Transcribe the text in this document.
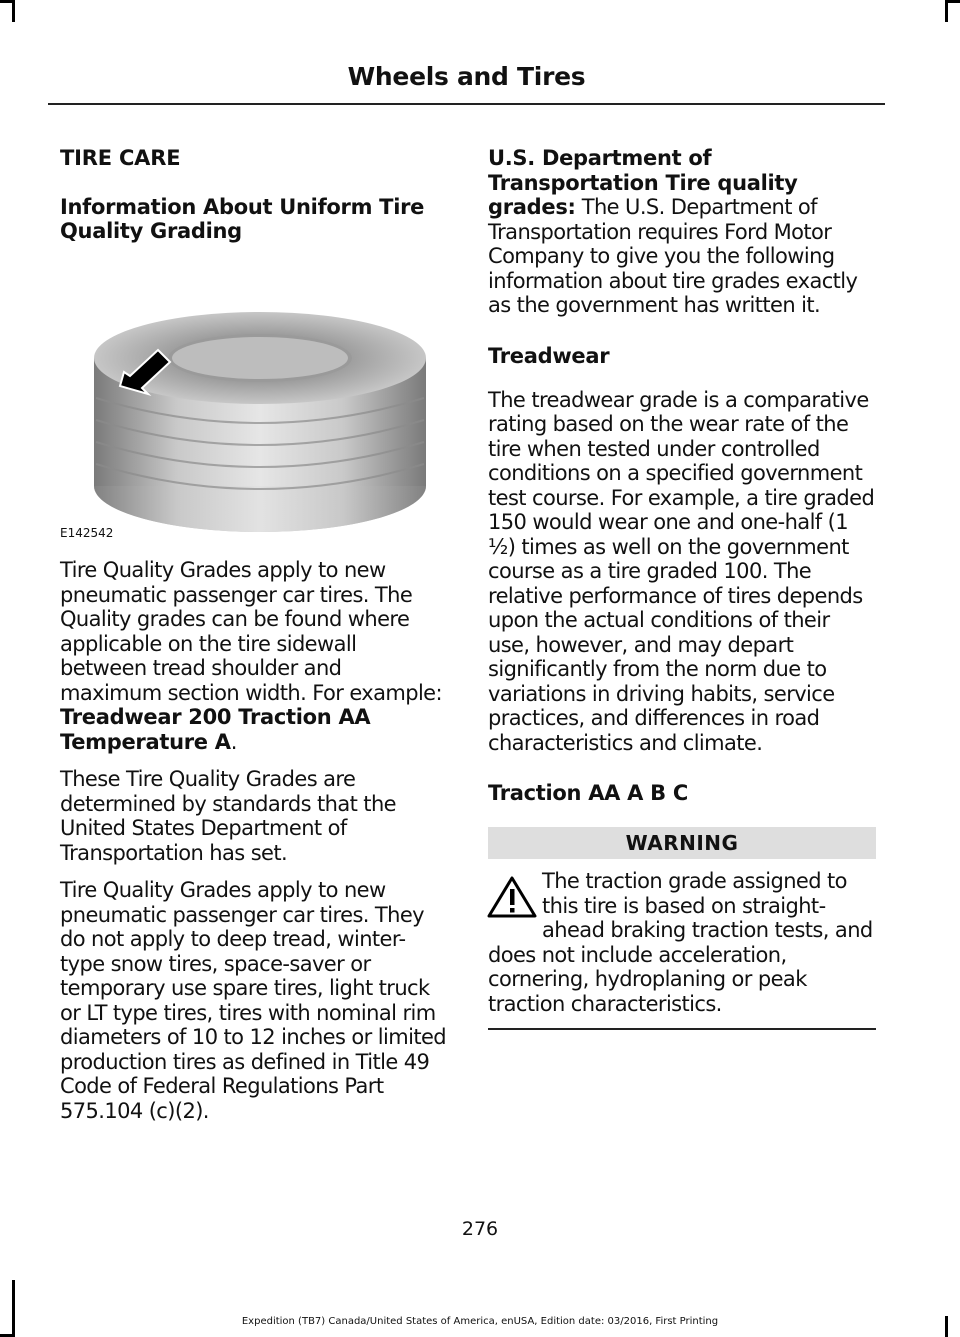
Wheels and Tires
TIRE CARE
Information About Uniform Tire Quality Grading
E142542

Tire Quality Grades apply to new pneumatic passenger car tires. The Quality grades can be found where applicable on the tire sidewall between tread shoulder and maximum section width. For example: Treadwear 200 Traction AA Temperature A.

These Tire Quality Grades are determined by standards that the United States Department of Transportation has set.

Tire Quality Grades apply to new pneumatic passenger car tires. They do not apply to deep tread, winter-type snow tires, space-saver or temporary use spare tires, light truck or LT type tires, tires with nominal rim diameters of 10 to 12 inches or limited production tires as defined in Title 49 Code of Federal Regulations Part 575.104 (c)(2).

U.S. Department of Transportation Tire quality grades: The U.S. Department of Transportation requires Ford Motor Company to give you the following information about tire grades exactly as the government has written it.

Treadwear

The treadwear grade is a comparative rating based on the wear rate of the tire when tested under controlled conditions on a specified government test course. For example, a tire graded 150 would wear one and one-half (1 ½) times as well on the government course as a tire graded 100. The relative performance of tires depends upon the actual conditions of their use, however, and may depart significantly from the norm due to variations in driving habits, service practices, and differences in road characteristics and climate.

Traction AA A B C
WARNING
The traction grade assigned to this tire is based on straight-ahead braking traction tests, and does not include acceleration, cornering, hydroplaning or peak traction characteristics.
276
Expedition (TB7) Canada/United States of America, enUSA, Edition date: 03/2016, First Printing
